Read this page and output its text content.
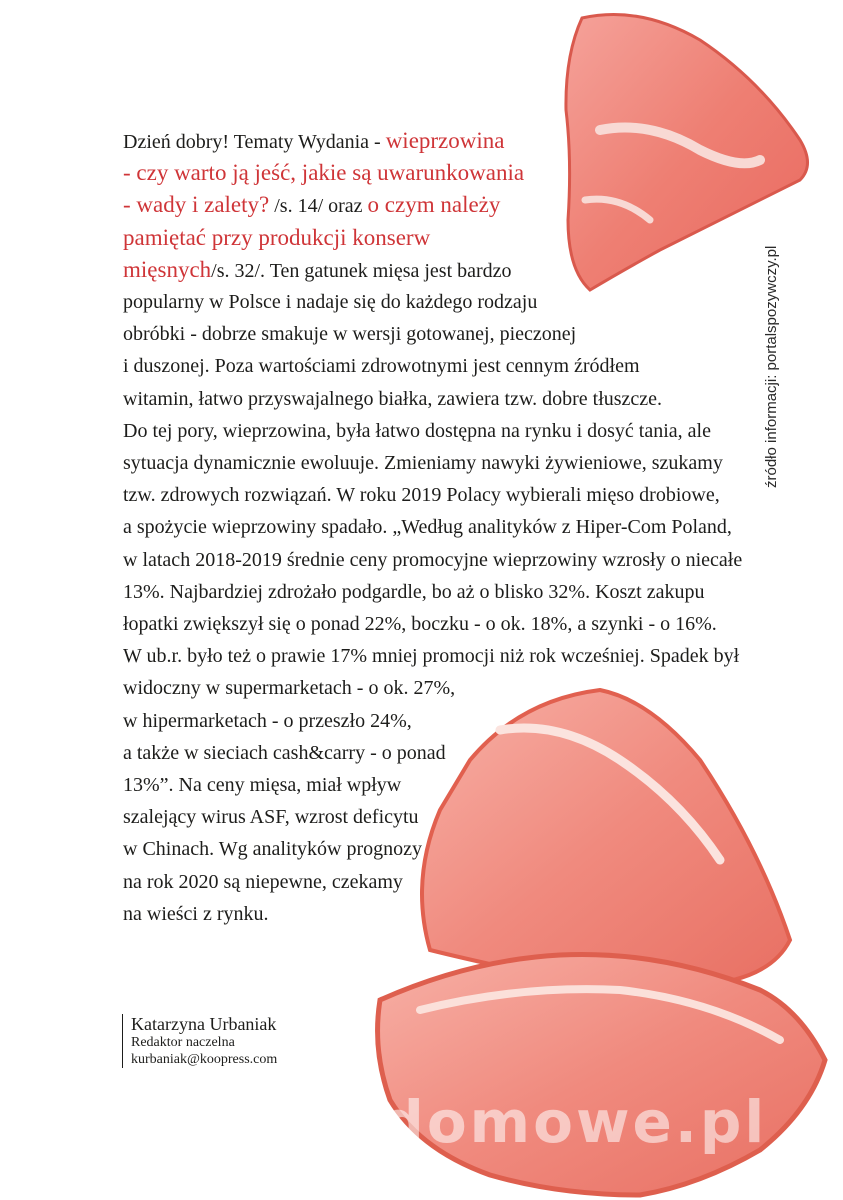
Dzień dobry! Tematy Wydania - wieprzowina
- czy warto ją jeść, jakie są uwarunkowania
- wady i zalety? /s. 14/ oraz o czym należy
pamiętać przy produkcji konserw
mięsnych/s. 32/. Ten gatunek mięsa jest bardzo
popularny w Polsce i nadaje się do każdego rodzaju
obróbki - dobrze smakuje w wersji gotowanej, pieczonej
i duszonej. Poza wartościami zdrowotnymi jest cennym źródłem
witamin, łatwo przyswajalnego białka, zawiera tzw. dobre tłuszcze.
Do tej pory, wieprzowina, była łatwo dostępna na rynku i dosyć tania, ale
sytuacja dynamicznie ewoluuje. Zmieniamy nawyki żywieniowe, szukamy
tzw. zdrowych rozwiązań. W roku 2019 Polacy wybierali mięso drobiowe,
a spożycie wieprzowiny spadało. „Według analityków z Hiper-Com Poland,
w latach 2018-2019 średnie ceny promocyjne wieprzowiny wzrosły o niecałe
13%. Najbardziej zdrożało podgardle, bo aż o blisko 32%. Koszt zakupu
łopatki zwiększył się o ponad 22%, boczku - o ok. 18%, a szynki - o 16%.
W ub.r. było też o prawie 17% mniej promocji niż rok wcześniej. Spadek był
widoczny w supermarketach - o ok. 27%,
w hipermarketach - o przeszło 24%,
a także w sieciach cash&carry - o ponad
13%”. Na ceny mięsa, miał wpływ
szalejący wirus ASF, wzrost deficytu
w Chinach. Wg analityków prognozy
na rok 2020 są niepewne, czekamy
na wieści z rynku.
źródło informacji: portalspozywczy.pl
Katarzyna Urbaniak
Redaktor naczelna
kurbaniak@koopress.com
wedlinydomowe.pl
